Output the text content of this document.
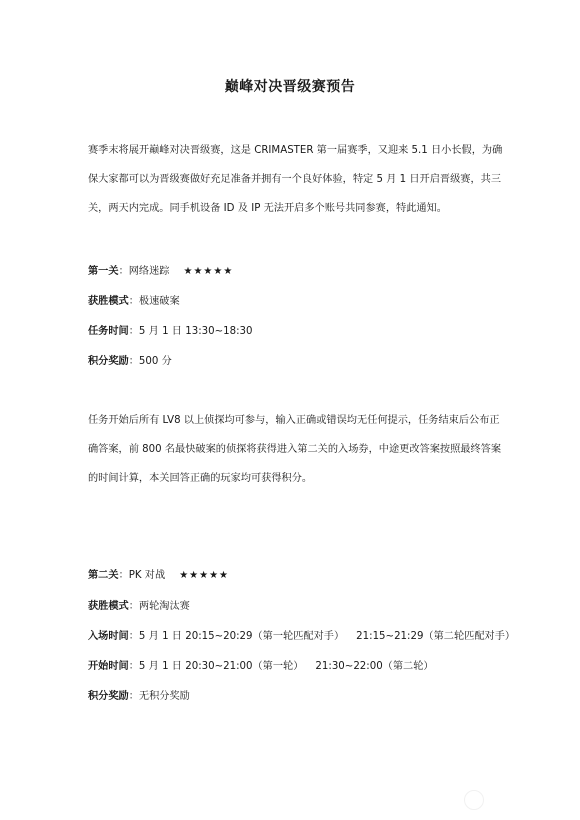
巅峰对决晋级赛预告
赛季末将展开巅峰对决晋级赛，这是 CRIMASTER 第一届赛季，又迎来 5.1 日小长假，为确保大家都可以为晋级赛做好充足准备并拥有一个良好体验，特定 5 月 1 日开启晋级赛，共三关，两天内完成。同手机设备 ID 及 IP 无法开启多个账号共同参赛，特此通知。
第一关：网络迷踪 ★★★★★
获胜模式：极速破案
任务时间：5 月 1 日 13:30~18:30
积分奖励：500 分
任务开始后所有 LV8 以上侦探均可参与，输入正确或错误均无任何提示，任务结束后公布正确答案，前 800 名最快破案的侦探将获得进入第二关的入场券，中途更改答案按照最终答案的时间计算，本关回答正确的玩家均可获得积分。
第二关：PK 对战 ★★★★★
获胜模式：两轮淘汰赛
入场时间：5 月 1 日 20:15~20:29（第一轮匹配对手） 21:15~21:29（第二轮匹配对手）
开始时间：5 月 1 日 20:30~21:00（第一轮） 21:30~22:00（第二轮）
积分奖励：无积分奖励
